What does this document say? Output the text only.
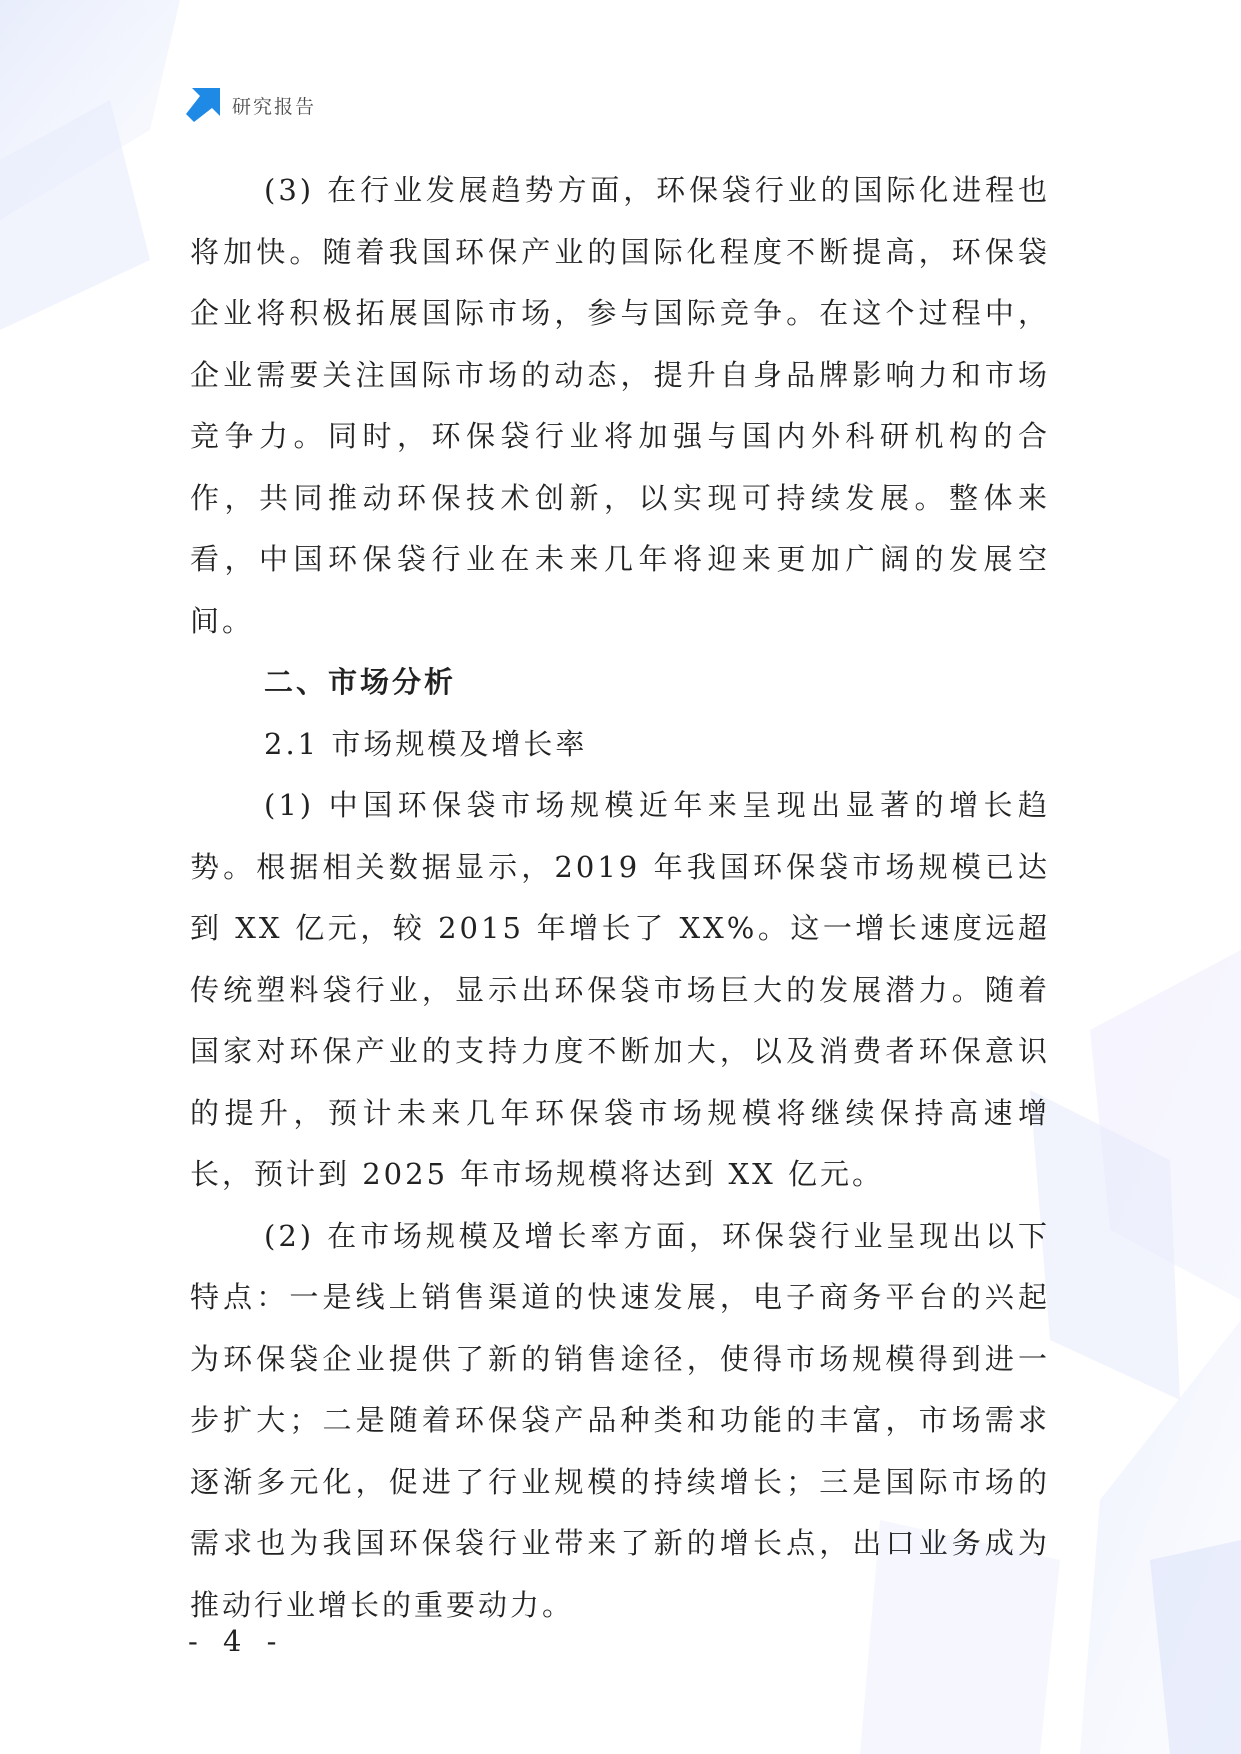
研究报告

(3) 在行业发展趋势方面，环保袋行业的国际化进程也将加快。随着我国环保产业的国际化程度不断提高，环保袋企业将积极拓展国际市场，参与国际竞争。在这个过程中，企业需要关注国际市场的动态，提升自身品牌影响力和市场竞争力。同时，环保袋行业将加强与国内外科研机构的合作，共同推动环保技术创新，以实现可持续发展。整体来看，中国环保袋行业在未来几年将迎来更加广阔的发展空间。

二、市场分析

2.1 市场规模及增长率

(1) 中国环保袋市场规模近年来呈现出显著的增长趋势。根据相关数据显示，2019 年我国环保袋市场规模已达到 XX 亿元，较 2015 年增长了 XX%。这一增长速度远超传统塑料袋行业，显示出环保袋市场巨大的发展潜力。随着国家对环保产业的支持力度不断加大，以及消费者环保意识的提升，预计未来几年环保袋市场规模将继续保持高速增长，预计到 2025 年市场规模将达到 XX 亿元。

(2) 在市场规模及增长率方面，环保袋行业呈现出以下特点：一是线上销售渠道的快速发展，电子商务平台的兴起为环保袋企业提供了新的销售途径，使得市场规模得到进一步扩大；二是随着环保袋产品种类和功能的丰富，市场需求逐渐多元化，促进了行业规模的持续增长；三是国际市场的需求也为我国环保袋行业带来了新的增长点，出口业务成为推动行业增长的重要动力。

- 4 -
